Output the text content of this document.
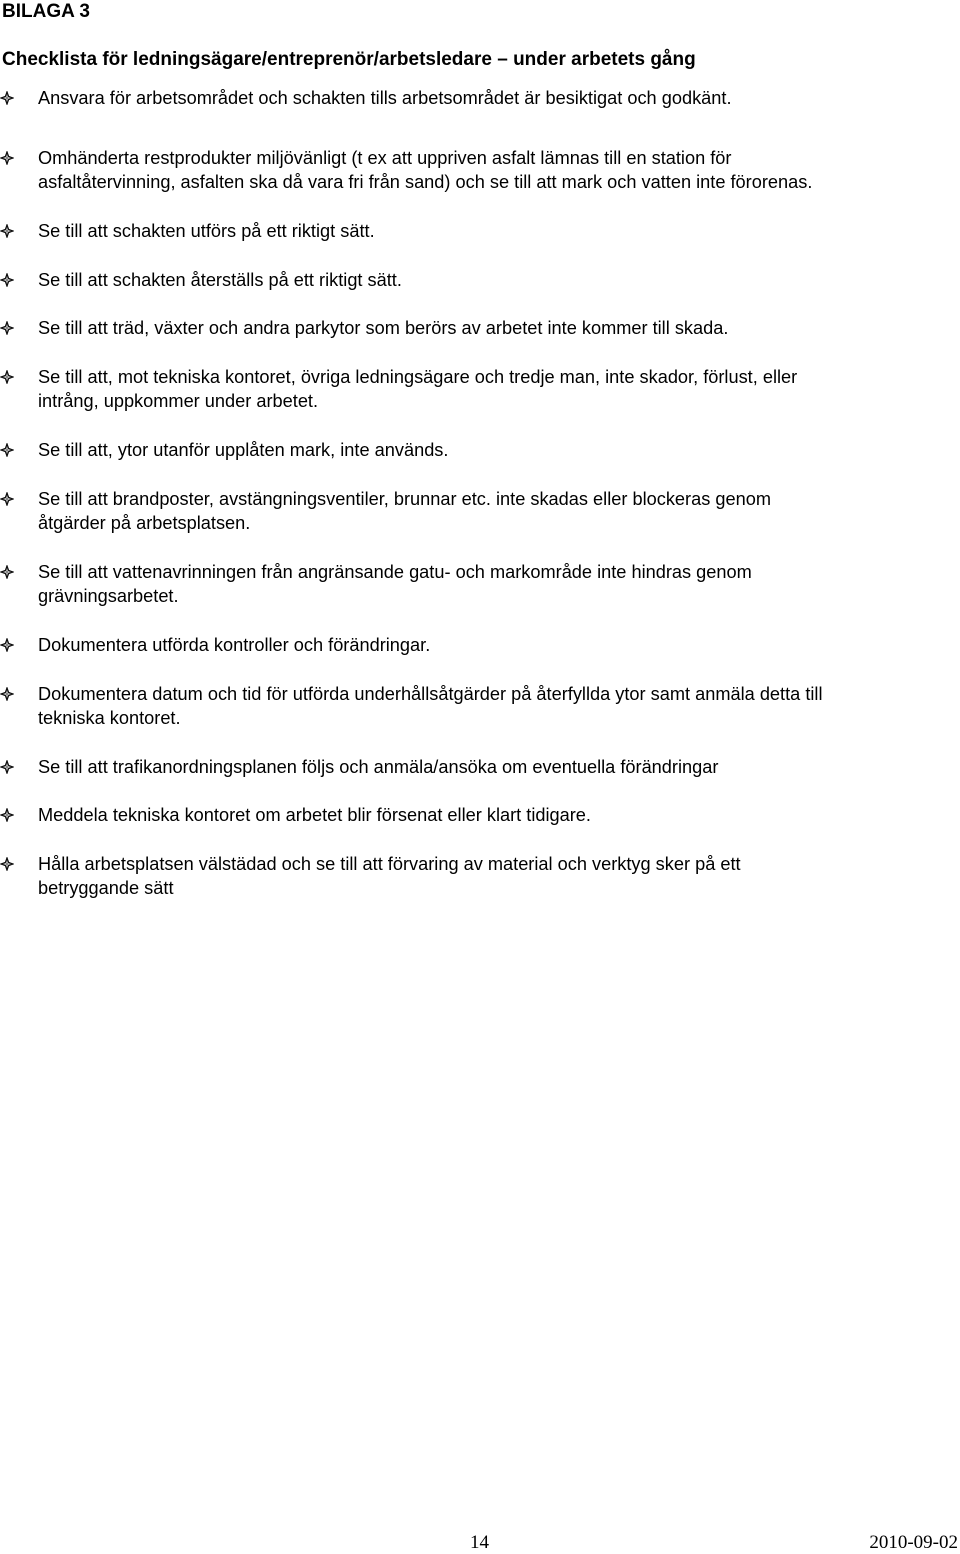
BILAGA 3
Checklista för ledningsägare/entreprenör/arbetsledare – under arbetets gång
Ansvara för arbetsområdet och schakten tills arbetsområdet är besiktigat och godkänt.
Omhänderta restprodukter miljövänligt (t ex att uppriven asfalt lämnas till en station för
asfaltåtervinning, asfalten ska då vara fri från sand) och se till att mark och vatten inte förorenas.
Se till att schakten utförs på ett riktigt sätt.
Se till att schakten återställs på ett riktigt sätt.
Se till att träd, växter och andra parkytor som berörs av arbetet inte kommer till skada.
Se till att, mot tekniska kontoret, övriga ledningsägare och tredje man, inte skador, förlust, eller
intrång, uppkommer under arbetet.
Se till att, ytor utanför upplåten mark, inte används.
Se till att brandposter, avstängningsventiler, brunnar etc. inte skadas eller blockeras genom
åtgärder på arbetsplatsen.
Se till att vattenavrinningen från angränsande gatu- och markområde inte hindras genom
grävningsarbetet.
Dokumentera utförda kontroller och förändringar.
Dokumentera datum och tid för utförda underhållsåtgärder på återfyllda ytor samt anmäla detta till
tekniska kontoret.
Se till att trafikanordningsplanen följs och anmäla/ansöka om eventuella förändringar
Meddela tekniska kontoret om arbetet blir försenat eller klart tidigare.
Hålla arbetsplatsen välstädad och se till att förvaring av material och verktyg sker på ett
betryggande sätt
14	2010-09-02
